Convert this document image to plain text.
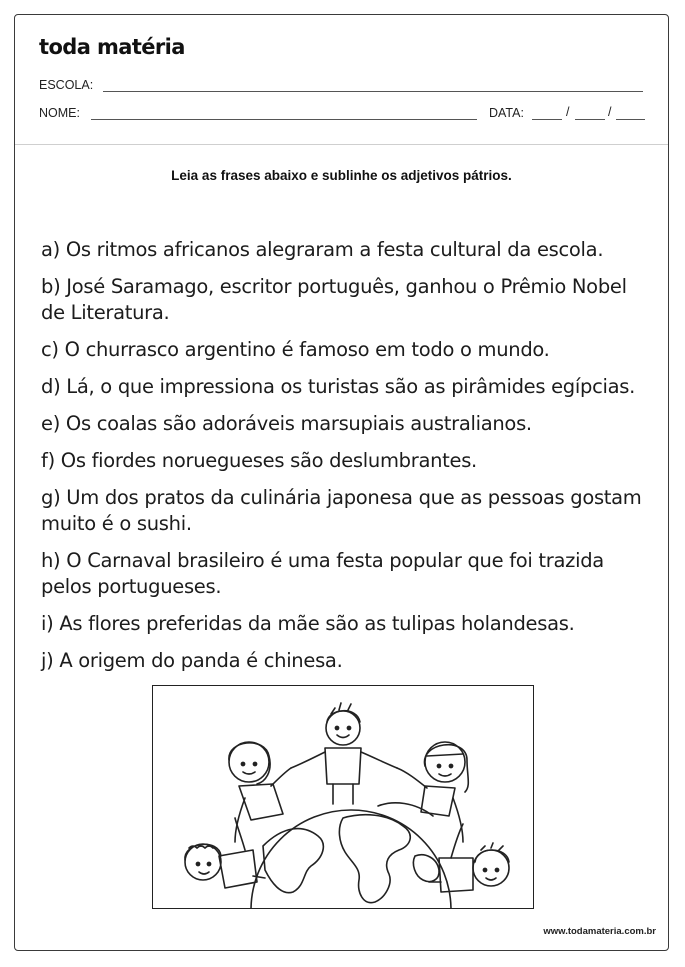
toda matéria
ESCOLA:
NOME:	DATA:	/	/
Leia as frases abaixo e sublinhe os adjetivos pátrios.

a) Os ritmos africanos alegraram a festa cultural da escola.

b) José Saramago, escritor português, ganhou o Prêmio Nobel de Literatura.

c) O churrasco argentino é famoso em todo o mundo.

d) Lá, o que impressiona os turistas são as pirâmides egípcias.

e) Os coalas são adoráveis marsupiais australianos.

f) Os fiordes noruegueses são deslumbrantes.

g) Um dos pratos da culinária japonesa que as pessoas gostam muito é o sushi.

h) O Carnaval brasileiro é uma festa popular que foi trazida pelos portugueses.

i) As flores preferidas da mãe são as tulipas holandesas.

j) A origem do panda é chinesa.

www.todamateria.com.br
